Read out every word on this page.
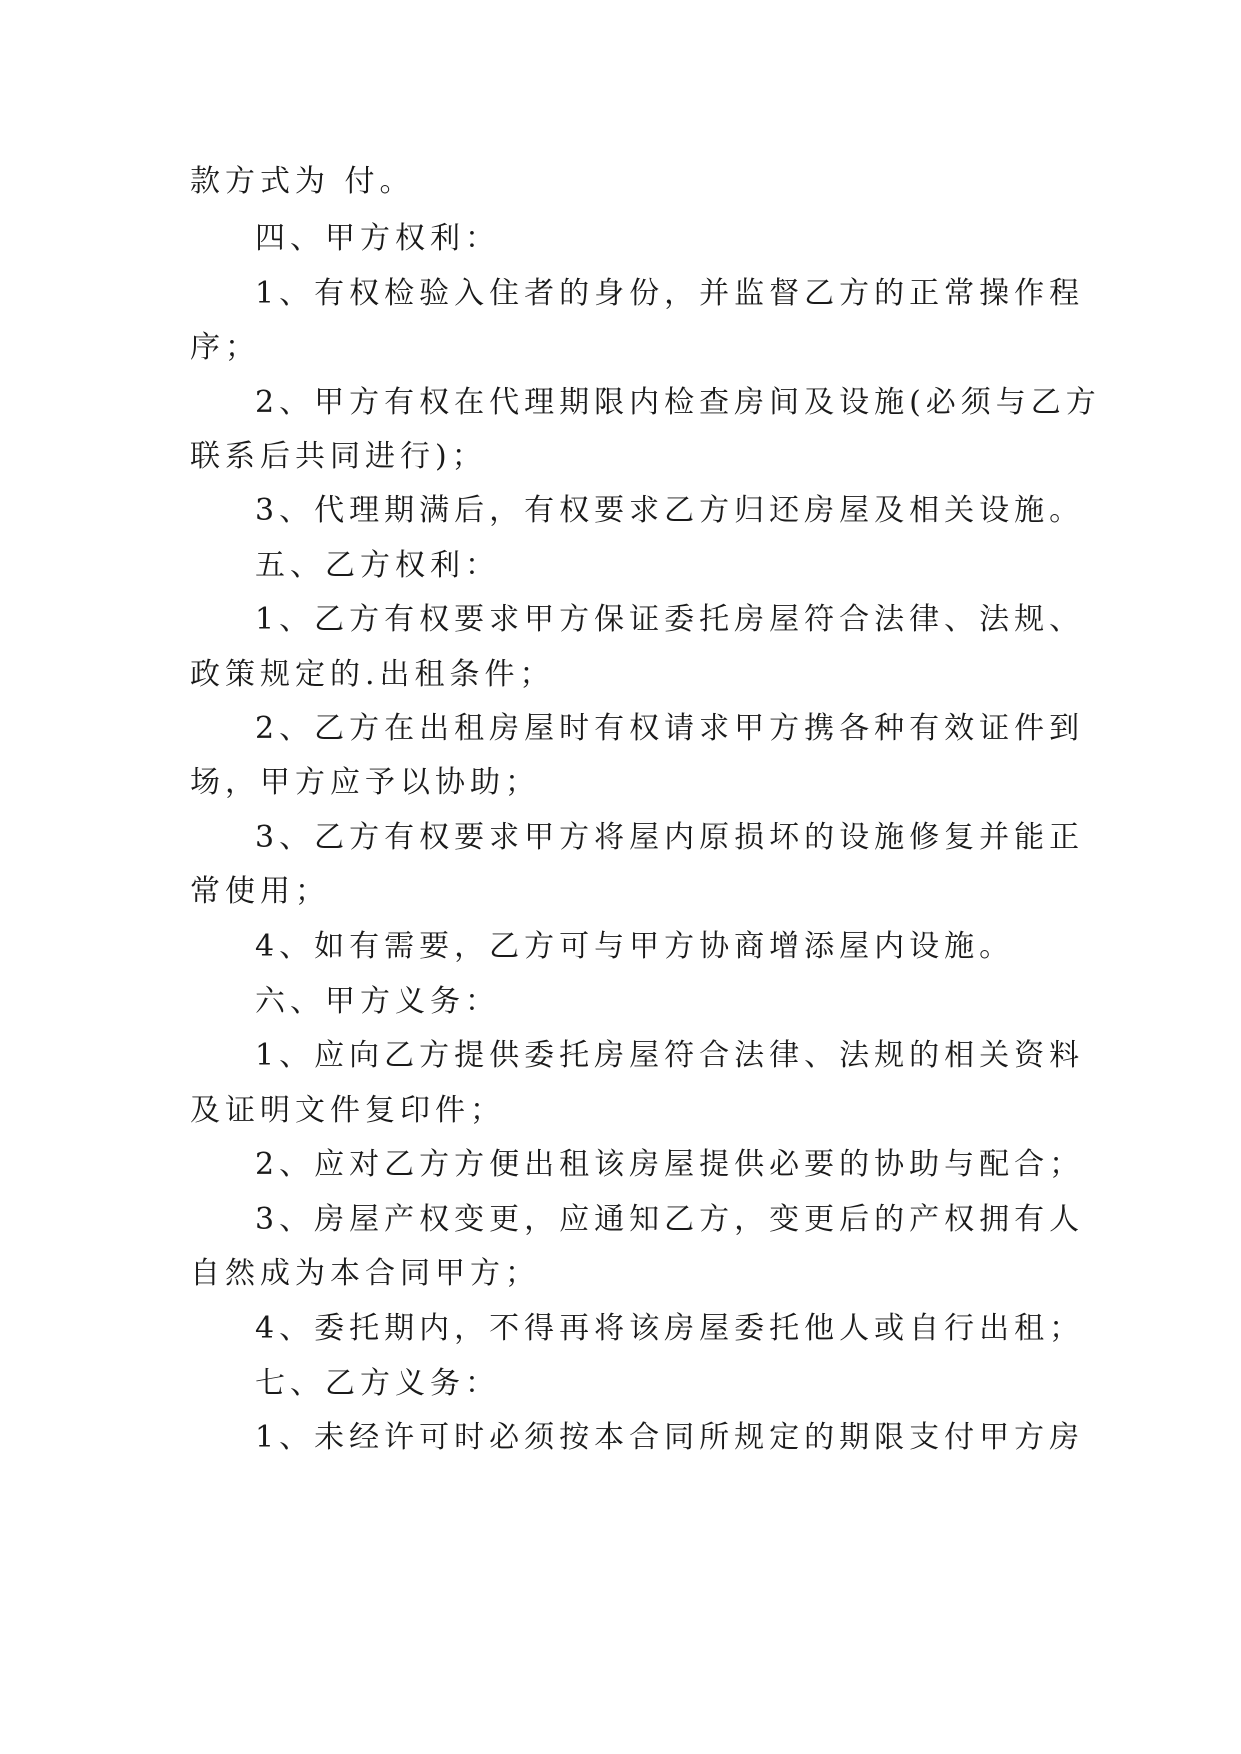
款方式为 付。
四、甲方权利：
1、有权检验入住者的身份，并监督乙方的正常操作程
序；
2、甲方有权在代理期限内检查房间及设施(必须与乙方
联系后共同进行)；
3、代理期满后，有权要求乙方归还房屋及相关设施。
五、乙方权利：
1、乙方有权要求甲方保证委托房屋符合法律、法规、
政策规定的.出租条件；
2、乙方在出租房屋时有权请求甲方携各种有效证件到
场，甲方应予以协助；
3、乙方有权要求甲方将屋内原损坏的设施修复并能正
常使用；
4、如有需要，乙方可与甲方协商增添屋内设施。
六、甲方义务：
1、应向乙方提供委托房屋符合法律、法规的相关资料
及证明文件复印件；
2、应对乙方方便出租该房屋提供必要的协助与配合；
3、房屋产权变更，应通知乙方，变更后的产权拥有人
自然成为本合同甲方；
4、委托期内，不得再将该房屋委托他人或自行出租；
七、乙方义务：
1、未经许可时必须按本合同所规定的期限支付甲方房
